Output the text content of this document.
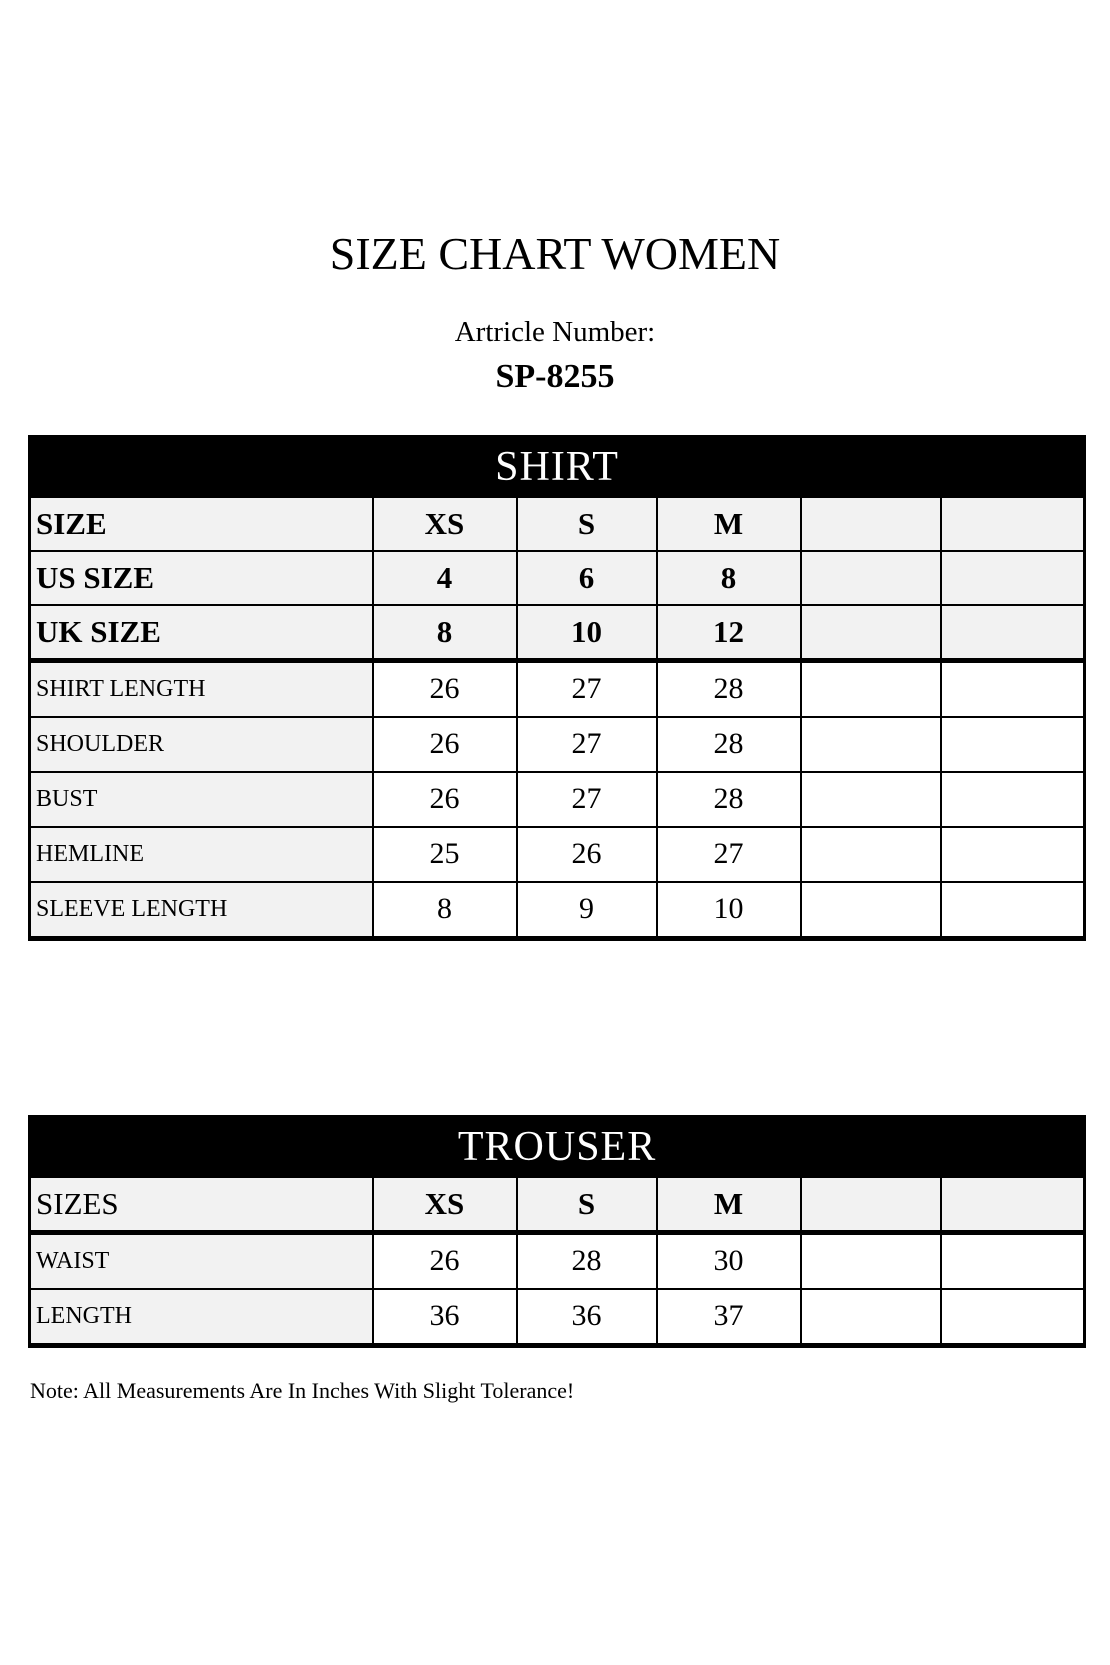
SIZE CHART WOMEN
Artricle Number:
SP-8255
SHIRT					
SIZE	XS	S	M		
US SIZE	4	6	8		
UK SIZE	8	10	12		
SHIRT LENGTH	26	27	28		
SHOULDER	26	27	28		
BUST	26	27	28		
HEMLINE	25	26	27		
SLEEVE LENGTH	8	9	10		
TROUSER					
SIZES	XS	S	M		
WAIST	26	28	30		
LENGTH	36	36	37		
Note: All Measurements Are In Inches With Slight Tolerance!
